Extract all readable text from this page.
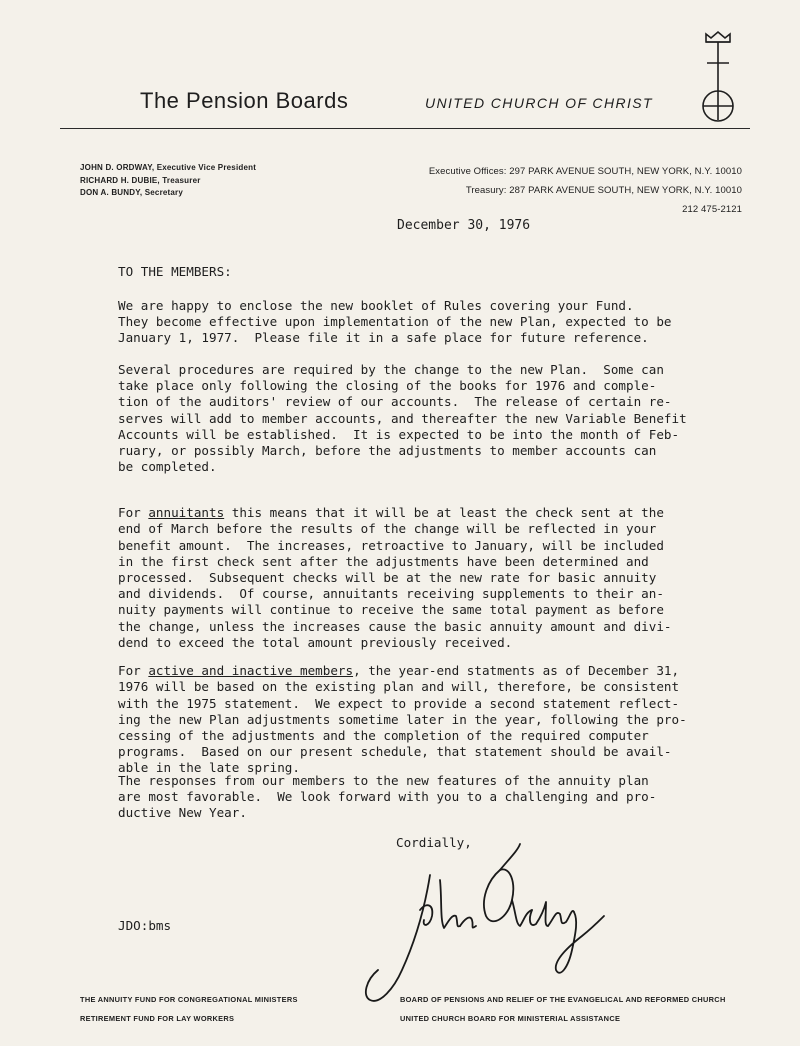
The Pension Boards	UNITED CHURCH OF CHRIST
JOHN D. ORDWAY, Executive Vice President
RICHARD H. DUBIE, Treasurer
DON A. BUNDY, Secretary
Executive Offices: 297 PARK AVENUE SOUTH, NEW YORK, N.Y. 10010
Treasury: 287 PARK AVENUE SOUTH, NEW YORK, N.Y. 10010
212 475-2121
December 30, 1976
TO THE MEMBERS:
We are happy to enclose the new booklet of Rules covering your Fund.
They become effective upon implementation of the new Plan, expected to be
January 1, 1977.  Please file it in a safe place for future reference.
Several procedures are required by the change to the new Plan.  Some can
take place only following the closing of the books for 1976 and comple-
tion of the auditors' review of our accounts.  The release of certain re-
serves will add to member accounts, and thereafter the new Variable Benefit
Accounts will be established.  It is expected to be into the month of Feb-
ruary, or possibly March, before the adjustments to member accounts can
be completed.

For annuitants this means that it will be at least the check sent at the

end of March before the results of the change will be reflected in your
benefit amount.  The increases, retroactive to January, will be included
in the first check sent after the adjustments have been determined and
processed.  Subsequent checks will be at the new rate for basic annuity
and dividends.  Of course, annuitants receiving supplements to their an-
nuity payments will continue to receive the same total payment as before
the change, unless the increases cause the basic annuity amount and divi-
dend to exceed the total amount previously received.

For active and inactive members, the year-end statments as of December 31,

1976 will be based on the existing plan and will, therefore, be consistent
with the 1975 statement.  We expect to provide a second statement reflect-
ing the new Plan adjustments sometime later in the year, following the pro-
cessing of the adjustments and the completion of the required computer
programs.  Based on our present schedule, that statement should be avail-
able in the late spring.

The responses from our members to the new features of the annuity plan
are most favorable.  We look forward with you to a challenging and pro-
ductive New Year.
Cordially,
JDO:bms
THE ANNUITY FUND FOR CONGREGATIONAL MINISTERS
RETIREMENT FUND FOR LAY WORKERS
BOARD OF PENSIONS AND RELIEF OF THE EVANGELICAL AND REFORMED CHURCH
UNITED CHURCH BOARD FOR MINISTERIAL ASSISTANCE
